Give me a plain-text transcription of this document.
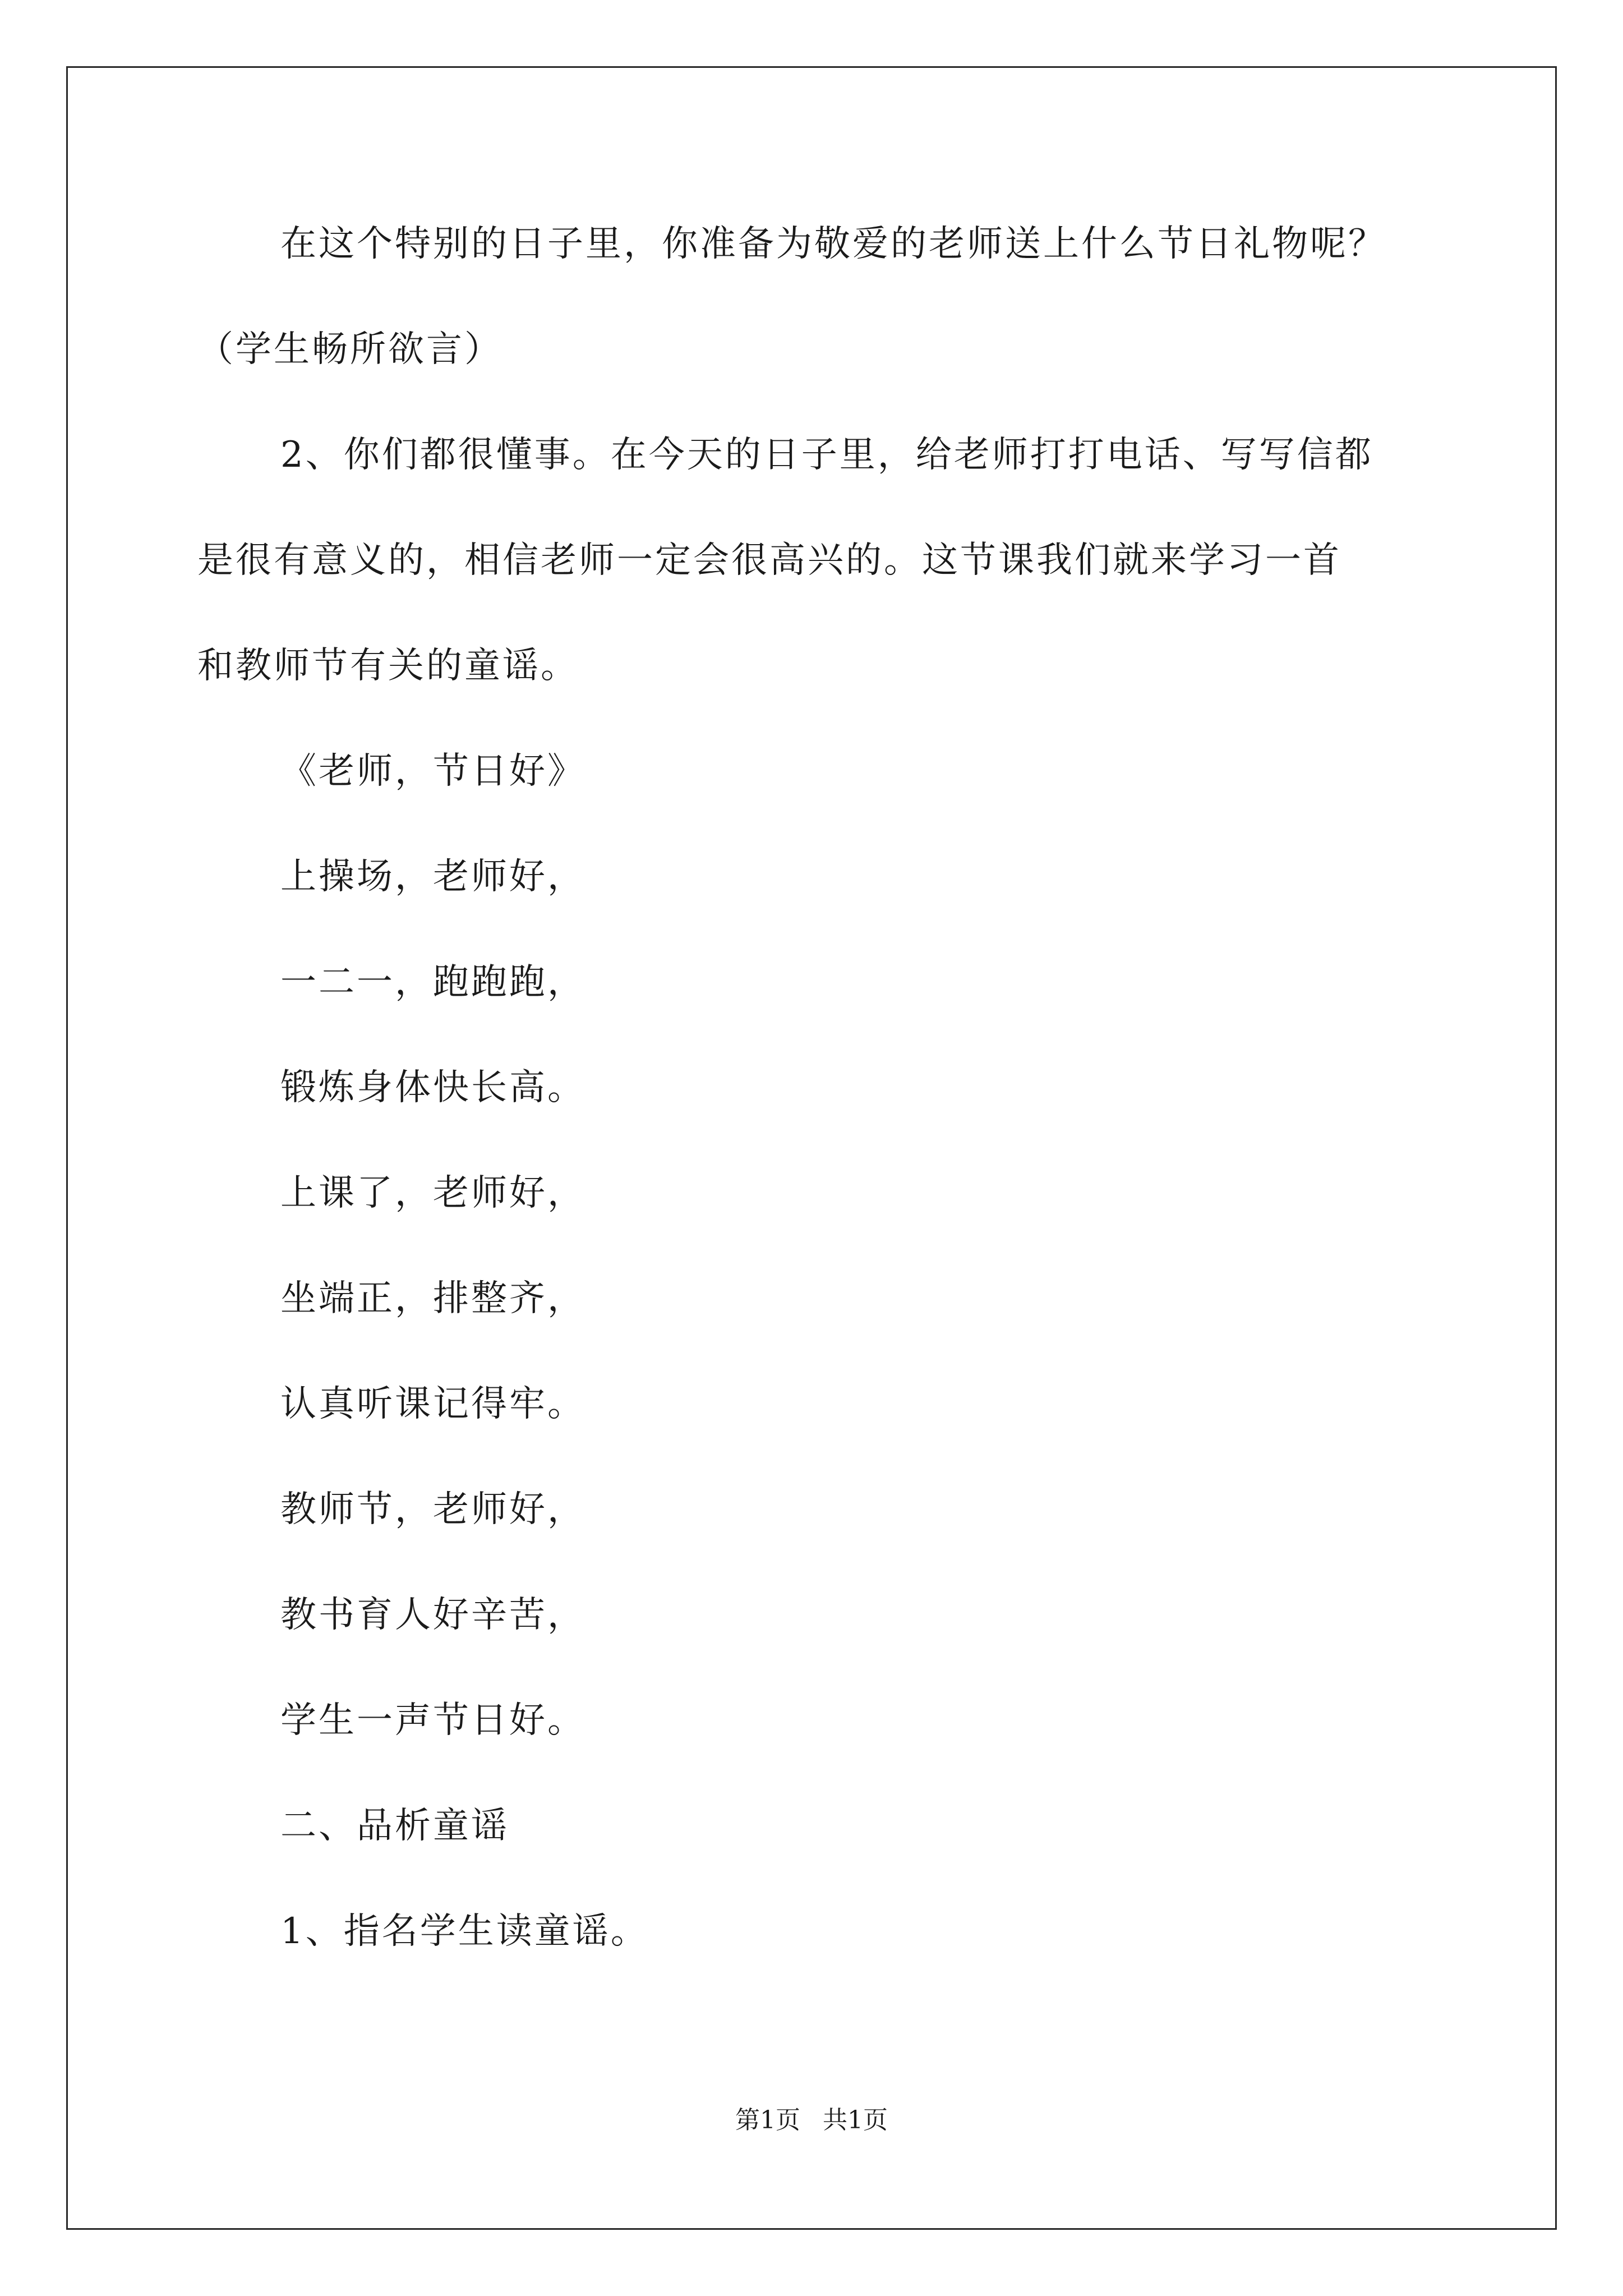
在这个特别的日子里，你准备为敬爱的老师送上什么节日礼物呢？
（学生畅所欲言）
2、你们都很懂事。在今天的日子里，给老师打打电话、写写信都
是很有意义的，相信老师一定会很高兴的。这节课我们就来学习一首
和教师节有关的童谣。
《老师，节日好》
上操场，老师好，
一二一，跑跑跑，
锻炼身体快长高。
上课了，老师好，
坐端正，排整齐，
认真听课记得牢。
教师节，老师好，
教书育人好辛苦，
学生一声节日好。
二、品析童谣
1、指名学生读童谣。
第1页 共1页
